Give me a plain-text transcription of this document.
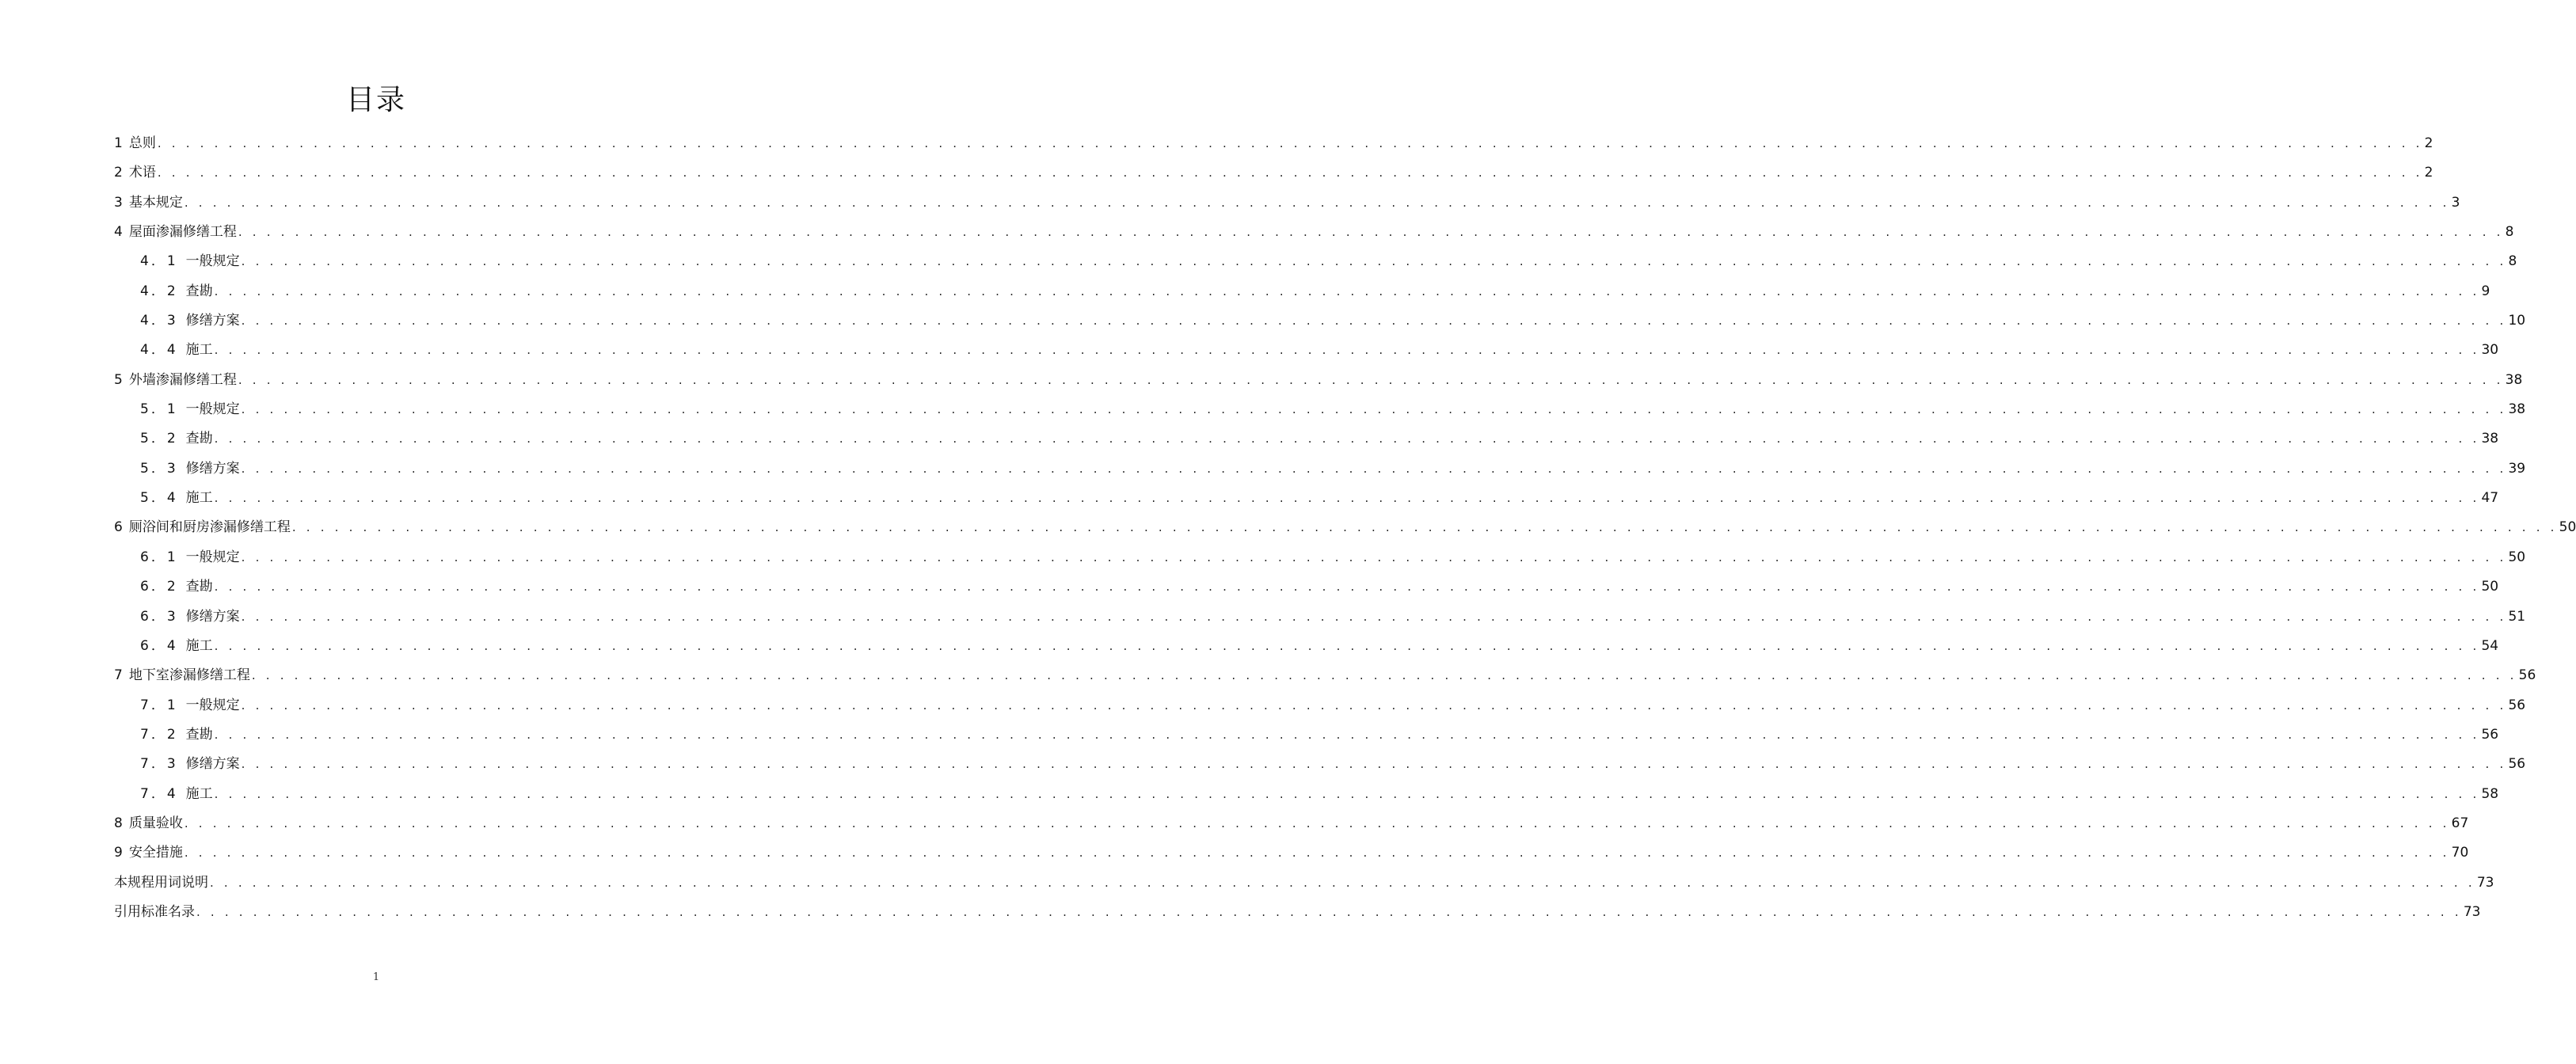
目录
1 总则 . . . . . . . . . . . . . . . . . . . . . . . . . . . . . . . . . . . . . . . . . . . . . . . . . . . . . . . . . . . . . . . . . . . . . . . . . . . . . . . . . . . . . . . . . . . . . . . . . . . . . . . . . . . . . . . . . . . . . . . . . . . . . . . . . . . . . . . . . . . . . . . . . . . . . . . . . . . . . . . . 2
2 术语 . . . . . . . . . . . . . . . . . . . . . . . . . . . . . . . . . . . . . . . . . . . . . . . . . . . . . . . . . . . . . . . . . . . . . . . . . . . . . . . . . . . . . . . . . . . . . . . . . . . . . . . . . . . . . . . . . . . . . . . . . . . . . . . . . . . . . . . . . . . . . . . . . . . . . . . . . . . . . . . . 2
3 基本规定 . . . . . . . . . . . . . . . . . . . . . . . . . . . . . . . . . . . . . . . . . . . . . . . . . . . . . . . . . . . . . . . . . . . . . . . . . . . . . . . . . . . . . . . . . . . . . . . . . . . . . . . . . . . . . . . . . . . . . . . . . . . . . . . . . . . . . . . . . . . . . . . . . . . . . . . . . . . . . . . . 3
4 屋面渗漏修缮工程 . . . . . . . . . . . . . . . . . . . . . . . . . . . . . . . . . . . . . . . . . . . . . . . . . . . . . . . . . . . . . . . . . . . . . . . . . . . . . . . . . . . . . . . . . . . . . . . . . . . . . . . . . . . . . . . . . . . . . . . . . . . . . . . . . . . . . . . . . . . . . . . . . . . . . . . . . . . . . . . . 8
4．1 一般规定 . . . . . . . . . . . . . . . . . . . . . . . . . . . . . . . . . . . . . . . . . . . . . . . . . . . . . . . . . . . . . . . . . . . . . . . . . . . . . . . . . . . . . . . . . . . . . . . . . . . . . . . . . . . . . . . . . . . . . . . . . . . . . . . . . . . . . . . . . . . . . . . . . . . . . . . . . . . . . . . . 8
4．2 查勘 . . . . . . . . . . . . . . . . . . . . . . . . . . . . . . . . . . . . . . . . . . . . . . . . . . . . . . . . . . . . . . . . . . . . . . . . . . . . . . . . . . . . . . . . . . . . . . . . . . . . . . . . . . . . . . . . . . . . . . . . . . . . . . . . . . . . . . . . . . . . . . . . . . . . . . . . . . . . . . . . 9
4．3 修缮方案 . . . . . . . . . . . . . . . . . . . . . . . . . . . . . . . . . . . . . . . . . . . . . . . . . . . . . . . . . . . . . . . . . . . . . . . . . . . . . . . . . . . . . . . . . . . . . . . . . . . . . . . . . . . . . . . . . . . . . . . . . . . . . . . . . . . . . . . . . . . . . . . . . . . . . . . . . . . . . . . . 10
4．4 施工 . . . . . . . . . . . . . . . . . . . . . . . . . . . . . . . . . . . . . . . . . . . . . . . . . . . . . . . . . . . . . . . . . . . . . . . . . . . . . . . . . . . . . . . . . . . . . . . . . . . . . . . . . . . . . . . . . . . . . . . . . . . . . . . . . . . . . . . . . . . . . . . . . . . . . . . . . . . . . . . . 30
5 外墙渗漏修缮工程 . . . . . . . . . . . . . . . . . . . . . . . . . . . . . . . . . . . . . . . . . . . . . . . . . . . . . . . . . . . . . . . . . . . . . . . . . . . . . . . . . . . . . . . . . . . . . . . . . . . . . . . . . . . . . . . . . . . . . . . . . . . . . . . . . . . . . . . . . . . . . . . . . . . . . . . . . . . . . . . . 38
5．1 一般规定 . . . . . . . . . . . . . . . . . . . . . . . . . . . . . . . . . . . . . . . . . . . . . . . . . . . . . . . . . . . . . . . . . . . . . . . . . . . . . . . . . . . . . . . . . . . . . . . . . . . . . . . . . . . . . . . . . . . . . . . . . . . . . . . . . . . . . . . . . . . . . . . . . . . . . . . . . . . . . . . . 38
5．2 查勘 . . . . . . . . . . . . . . . . . . . . . . . . . . . . . . . . . . . . . . . . . . . . . . . . . . . . . . . . . . . . . . . . . . . . . . . . . . . . . . . . . . . . . . . . . . . . . . . . . . . . . . . . . . . . . . . . . . . . . . . . . . . . . . . . . . . . . . . . . . . . . . . . . . . . . . . . . . . . . . . . 38
5．3 修缮方案 . . . . . . . . . . . . . . . . . . . . . . . . . . . . . . . . . . . . . . . . . . . . . . . . . . . . . . . . . . . . . . . . . . . . . . . . . . . . . . . . . . . . . . . . . . . . . . . . . . . . . . . . . . . . . . . . . . . . . . . . . . . . . . . . . . . . . . . . . . . . . . . . . . . . . . . . . . . . . . . . 39
5．4 施工 . . . . . . . . . . . . . . . . . . . . . . . . . . . . . . . . . . . . . . . . . . . . . . . . . . . . . . . . . . . . . . . . . . . . . . . . . . . . . . . . . . . . . . . . . . . . . . . . . . . . . . . . . . . . . . . . . . . . . . . . . . . . . . . . . . . . . . . . . . . . . . . . . . . . . . . . . . . . . . . . 47
6 厕浴间和厨房渗漏修缮工程 . . . . . . . . . . . . . . . . . . . . . . . . . . . . . . . . . . . . . . . . . . . . . . . . . . . . . . . . . . . . . . . . . . . . . . . . . . . . . . . . . . . . . . . . . . . . . . . . . . . . . . . . . . . . . . . . . . . . . . . . . . . . . . . . . . . . . . . . . . . . . . . . . . . . . . . . . . . . . . . . 50
6．1 一般规定 . . . . . . . . . . . . . . . . . . . . . . . . . . . . . . . . . . . . . . . . . . . . . . . . . . . . . . . . . . . . . . . . . . . . . . . . . . . . . . . . . . . . . . . . . . . . . . . . . . . . . . . . . . . . . . . . . . . . . . . . . . . . . . . . . . . . . . . . . . . . . . . . . . . . . . . . . . . . . . . . 50
6．2 查勘 . . . . . . . . . . . . . . . . . . . . . . . . . . . . . . . . . . . . . . . . . . . . . . . . . . . . . . . . . . . . . . . . . . . . . . . . . . . . . . . . . . . . . . . . . . . . . . . . . . . . . . . . . . . . . . . . . . . . . . . . . . . . . . . . . . . . . . . . . . . . . . . . . . . . . . . . . . . . . . . . 50
6．3 修缮方案 . . . . . . . . . . . . . . . . . . . . . . . . . . . . . . . . . . . . . . . . . . . . . . . . . . . . . . . . . . . . . . . . . . . . . . . . . . . . . . . . . . . . . . . . . . . . . . . . . . . . . . . . . . . . . . . . . . . . . . . . . . . . . . . . . . . . . . . . . . . . . . . . . . . . . . . . . . . . . . . . 51
6．4 施工 . . . . . . . . . . . . . . . . . . . . . . . . . . . . . . . . . . . . . . . . . . . . . . . . . . . . . . . . . . . . . . . . . . . . . . . . . . . . . . . . . . . . . . . . . . . . . . . . . . . . . . . . . . . . . . . . . . . . . . . . . . . . . . . . . . . . . . . . . . . . . . . . . . . . . . . . . . . . . . . . 54
7 地下室渗漏修缮工程 . . . . . . . . . . . . . . . . . . . . . . . . . . . . . . . . . . . . . . . . . . . . . . . . . . . . . . . . . . . . . . . . . . . . . . . . . . . . . . . . . . . . . . . . . . . . . . . . . . . . . . . . . . . . . . . . . . . . . . . . . . . . . . . . . . . . . . . . . . . . . . . . . . . . . . . . . . . . . . . . 56
7．1 一般规定 . . . . . . . . . . . . . . . . . . . . . . . . . . . . . . . . . . . . . . . . . . . . . . . . . . . . . . . . . . . . . . . . . . . . . . . . . . . . . . . . . . . . . . . . . . . . . . . . . . . . . . . . . . . . . . . . . . . . . . . . . . . . . . . . . . . . . . . . . . . . . . . . . . . . . . . . . . . . . . . . 56
7．2 查勘 . . . . . . . . . . . . . . . . . . . . . . . . . . . . . . . . . . . . . . . . . . . . . . . . . . . . . . . . . . . . . . . . . . . . . . . . . . . . . . . . . . . . . . . . . . . . . . . . . . . . . . . . . . . . . . . . . . . . . . . . . . . . . . . . . . . . . . . . . . . . . . . . . . . . . . . . . . . . . . . . 56
7．3 修缮方案 . . . . . . . . . . . . . . . . . . . . . . . . . . . . . . . . . . . . . . . . . . . . . . . . . . . . . . . . . . . . . . . . . . . . . . . . . . . . . . . . . . . . . . . . . . . . . . . . . . . . . . . . . . . . . . . . . . . . . . . . . . . . . . . . . . . . . . . . . . . . . . . . . . . . . . . . . . . . . . . . 56
7．4 施工 . . . . . . . . . . . . . . . . . . . . . . . . . . . . . . . . . . . . . . . . . . . . . . . . . . . . . . . . . . . . . . . . . . . . . . . . . . . . . . . . . . . . . . . . . . . . . . . . . . . . . . . . . . . . . . . . . . . . . . . . . . . . . . . . . . . . . . . . . . . . . . . . . . . . . . . . . . . . . . . . 58
8 质量验收 . . . . . . . . . . . . . . . . . . . . . . . . . . . . . . . . . . . . . . . . . . . . . . . . . . . . . . . . . . . . . . . . . . . . . . . . . . . . . . . . . . . . . . . . . . . . . . . . . . . . . . . . . . . . . . . . . . . . . . . . . . . . . . . . . . . . . . . . . . . . . . . . . . . . . . . . . . . . . . . . 67
9 安全措施 . . . . . . . . . . . . . . . . . . . . . . . . . . . . . . . . . . . . . . . . . . . . . . . . . . . . . . . . . . . . . . . . . . . . . . . . . . . . . . . . . . . . . . . . . . . . . . . . . . . . . . . . . . . . . . . . . . . . . . . . . . . . . . . . . . . . . . . . . . . . . . . . . . . . . . . . . . . . . . . . 70
本规程用词说明 . . . . . . . . . . . . . . . . . . . . . . . . . . . . . . . . . . . . . . . . . . . . . . . . . . . . . . . . . . . . . . . . . . . . . . . . . . . . . . . . . . . . . . . . . . . . . . . . . . . . . . . . . . . . . . . . . . . . . . . . . . . . . . . . . . . . . . . . . . . . . . . . . . . . . . . . . . . . . . . . 73
引用标准名录 . . . . . . . . . . . . . . . . . . . . . . . . . . . . . . . . . . . . . . . . . . . . . . . . . . . . . . . . . . . . . . . . . . . . . . . . . . . . . . . . . . . . . . . . . . . . . . . . . . . . . . . . . . . . . . . . . . . . . . . . . . . . . . . . . . . . . . . . . . . . . . . . . . . . . . . . . . . . . . . . 73
1
